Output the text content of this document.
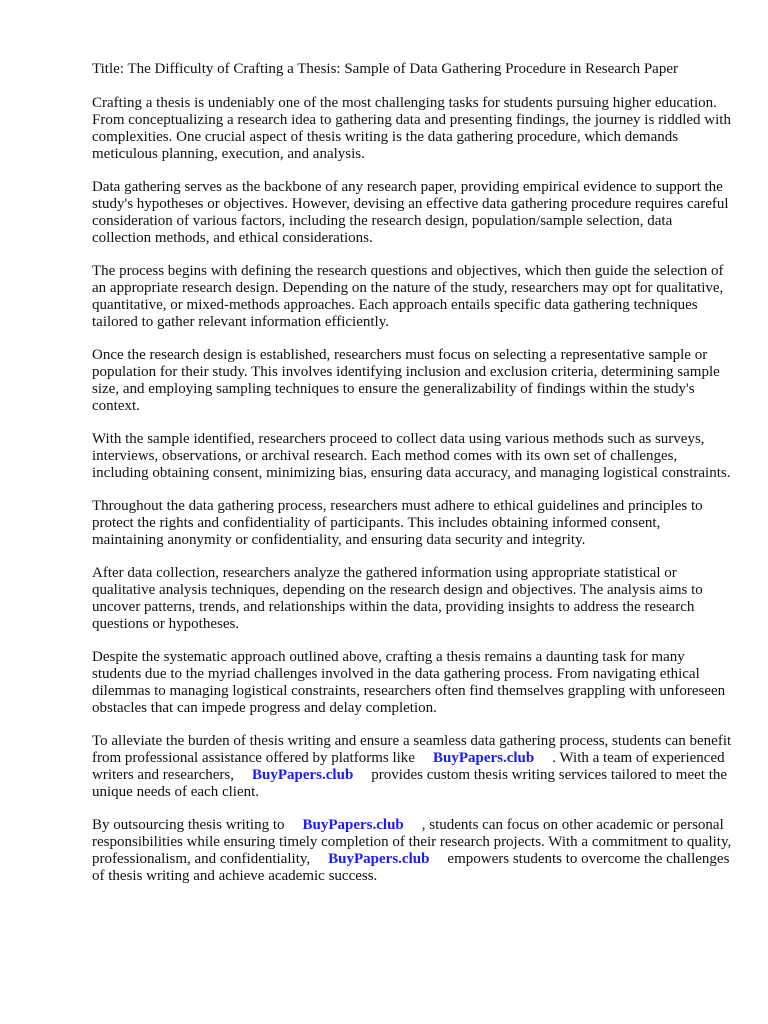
Title: The Difficulty of Crafting a Thesis: Sample of Data Gathering Procedure in Research Paper

Crafting a thesis is undeniably one of the most challenging tasks for students pursuing higher education. From conceptualizing a research idea to gathering data and presenting findings, the journey is riddled with complexities. One crucial aspect of thesis writing is the data gathering procedure, which demands meticulous planning, execution, and analysis.

Data gathering serves as the backbone of any research paper, providing empirical evidence to support the study's hypotheses or objectives. However, devising an effective data gathering procedure requires careful consideration of various factors, including the research design, population/sample selection, data collection methods, and ethical considerations.

The process begins with defining the research questions and objectives, which then guide the selection of an appropriate research design. Depending on the nature of the study, researchers may opt for qualitative, quantitative, or mixed-methods approaches. Each approach entails specific data gathering techniques tailored to gather relevant information efficiently.

Once the research design is established, researchers must focus on selecting a representative sample or population for their study. This involves identifying inclusion and exclusion criteria, determining sample size, and employing sampling techniques to ensure the generalizability of findings within the study's context.

With the sample identified, researchers proceed to collect data using various methods such as surveys, interviews, observations, or archival research. Each method comes with its own set of challenges, including obtaining consent, minimizing bias, ensuring data accuracy, and managing logistical constraints.

Throughout the data gathering process, researchers must adhere to ethical guidelines and principles to protect the rights and confidentiality of participants. This includes obtaining informed consent, maintaining anonymity or confidentiality, and ensuring data security and integrity.

After data collection, researchers analyze the gathered information using appropriate statistical or qualitative analysis techniques, depending on the research design and objectives. The analysis aims to uncover patterns, trends, and relationships within the data, providing insights to address the research questions or hypotheses.

Despite the systematic approach outlined above, crafting a thesis remains a daunting task for many students due to the myriad challenges involved in the data gathering process. From navigating ethical dilemmas to managing logistical constraints, researchers often find themselves grappling with unforeseen obstacles that can impede progress and delay completion.

To alleviate the burden of thesis writing and ensure a seamless data gathering process, students can benefit from professional assistance offered by platforms like BuyPapers.club . With a team of experienced writers and researchers, BuyPapers.club provides custom thesis writing services tailored to meet the unique needs of each client.

By outsourcing thesis writing to BuyPapers.club , students can focus on other academic or personal responsibilities while ensuring timely completion of their research projects. With a commitment to quality, professionalism, and confidentiality, BuyPapers.club empowers students to overcome the challenges of thesis writing and achieve academic success.
